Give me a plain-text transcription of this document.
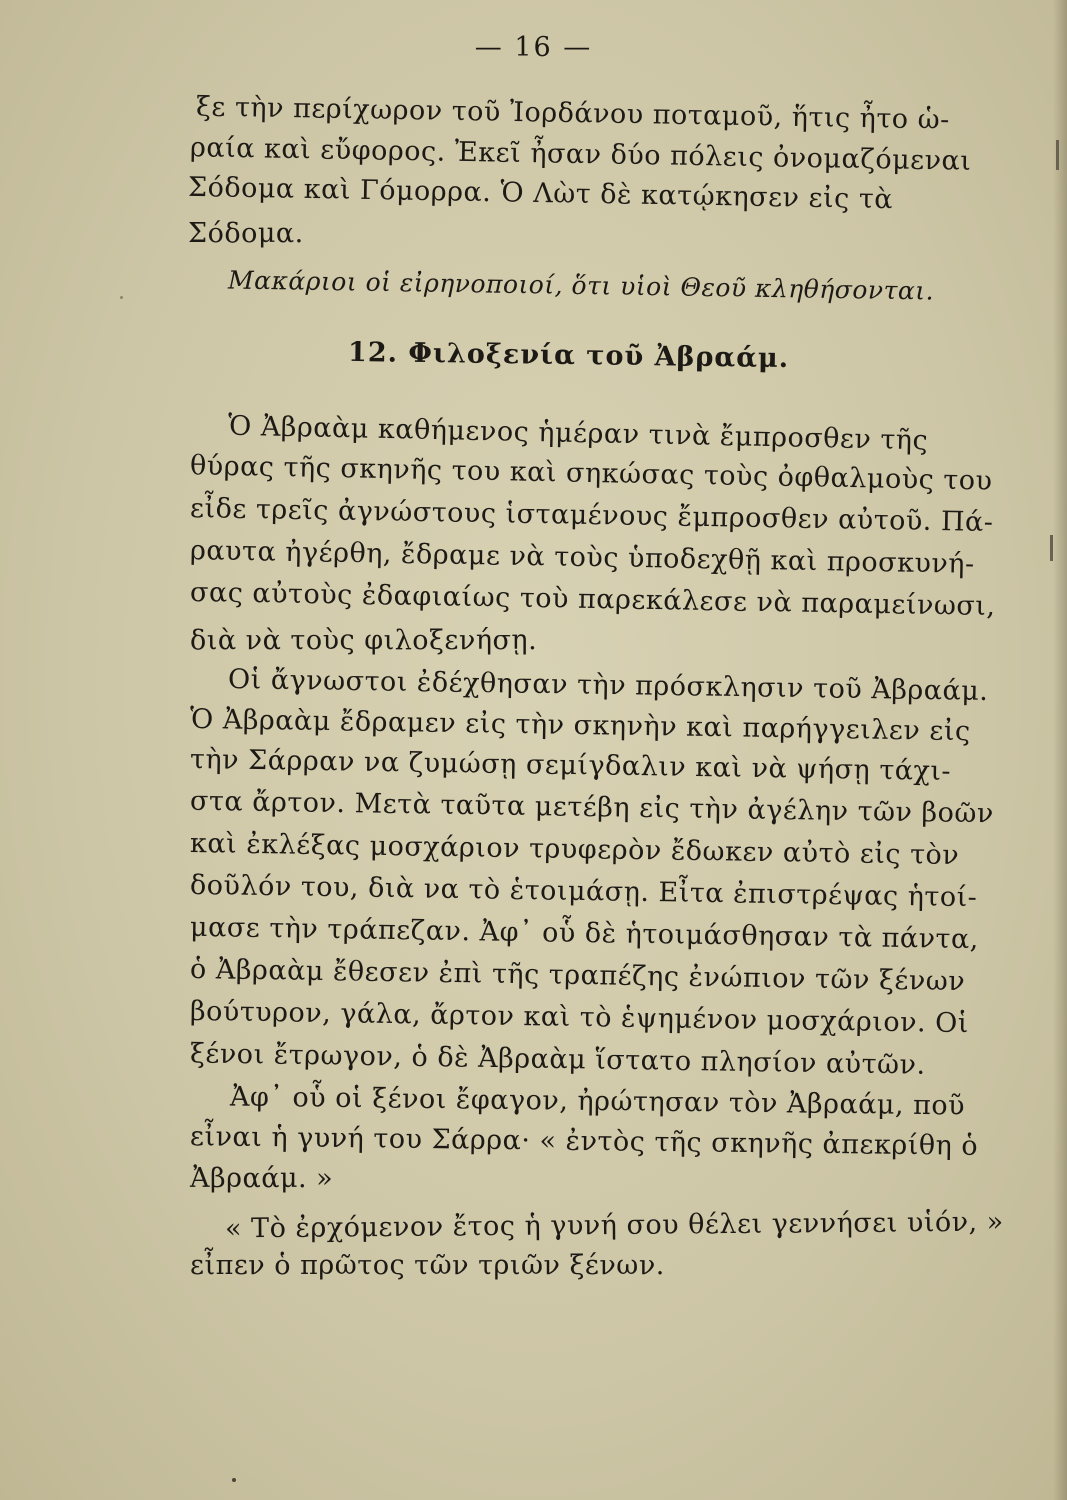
— 16 —
ξε τὴν περίχωρον τοῦ Ἰορδάνου ποταμοῦ, ἥτις ἦτο ὡ-
ραία καὶ εὔφορος. Ἐκεῖ ἦσαν δύο πόλεις ὀνομαζόμεναι
Σόδομα καὶ Γόμορρα. Ὁ Λὼτ δὲ κατῴκησεν εἰς τὰ
Σόδομα.
Μακάριοι οἱ εἰρηνοποιοί, ὅτι υἱοὶ Θεοῦ κληθήσονται.
12. Φιλοξενία τοῦ Ἀβραάμ.
Ὁ Ἀβραὰμ καθήμενος ἡμέραν τινὰ ἔμπροσθεν τῆς
θύρας τῆς σκηνῆς του καὶ σηκώσας τοὺς ὀφθαλμοὺς του
εἶδε τρεῖς ἀγνώστους ἱσταμένους ἔμπροσθεν αὐτοῦ. Πά-
ραυτα ἠγέρθη, ἔδραμε νὰ τοὺς ὑποδεχθῇ καὶ προσκυνή-
σας αὐτοὺς ἐδαφιαίως τοὺ παρεκάλεσε νὰ παραμείνωσι,
διὰ νὰ τοὺς φιλοξενήσῃ.
Οἱ ἄγνωστοι ἐδέχθησαν τὴν πρόσκλησιν τοῦ Ἀβραάμ.
Ὁ Ἀβραὰμ ἔδραμεν εἰς τὴν σκηνὴν καὶ παρήγγειλεν εἰς
τὴν Σάρραν να ζυμώσῃ σεμίγδαλιν καὶ νὰ ψήσῃ τάχι-
στα ἄρτον. Μετὰ ταῦτα μετέβη εἰς τὴν ἀγέλην τῶν βοῶν
καὶ ἐκλέξας μοσχάριον τρυφερὸν ἔδωκεν αὐτὸ εἰς τὸν
δοῦλόν του, διὰ να τὸ ἑτοιμάσῃ. Εἶτα ἐπιστρέψας ἡτοί-
μασε τὴν τράπεζαν. Ἀφ᾽ οὗ δὲ ἡτοιμάσθησαν τὰ πάντα,
ὁ Ἀβραὰμ ἔθεσεν ἐπὶ τῆς τραπέζης ἐνώπιον τῶν ξένων
βούτυρον, γάλα, ἄρτον καὶ τὸ ἑψημένον μοσχάριον. Οἱ
ξένοι ἔτρωγον, ὁ δὲ Ἀβραὰμ ἵστατο πλησίον αὐτῶν.
Ἀφ᾽ οὗ οἱ ξένοι ἔφαγον, ἠρώτησαν τὸν Ἀβραάμ, ποῦ
εἶναι ἡ γυνή του Σάρρα· « ἐντὸς τῆς σκηνῆς ἀπεκρίθη ὁ
Ἀβραάμ. »
« Τὸ ἐρχόμενον ἔτος ἡ γυνή σου θέλει γεννήσει υἱόν, »
εἶπεν ὁ πρῶτος τῶν τριῶν ξένων.
